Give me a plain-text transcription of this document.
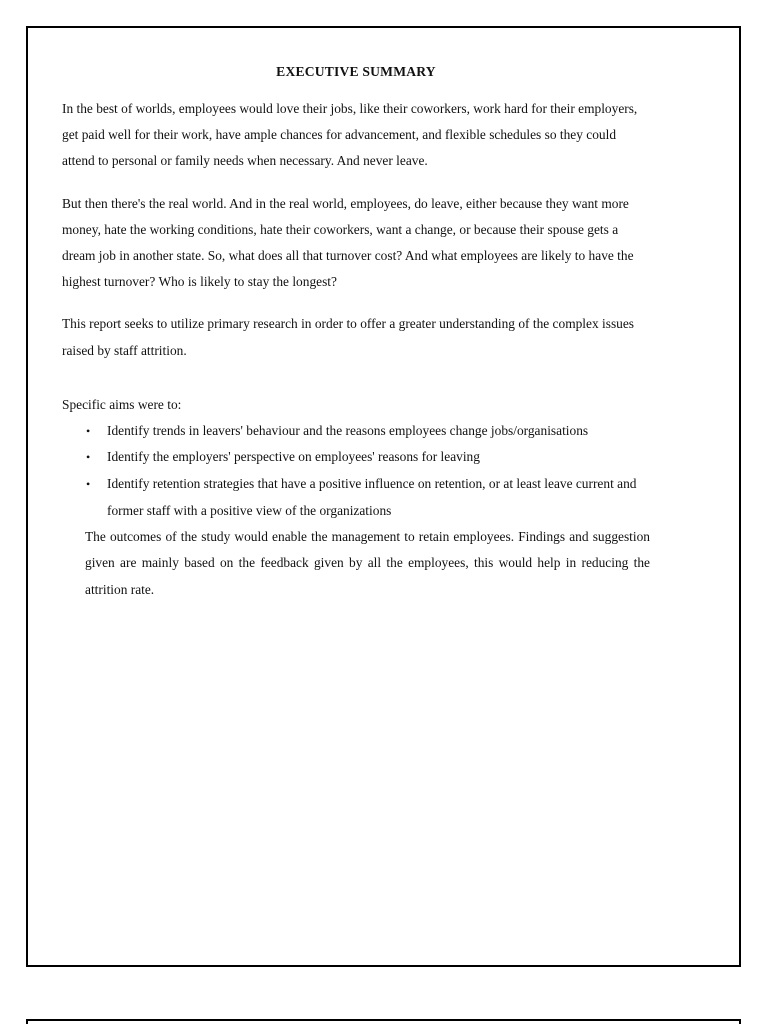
EXECUTIVE SUMMARY

In the best of worlds, employees would love their jobs, like their coworkers, work hard for their employers, get paid well for their work, have ample chances for advancement, and flexible schedules so they could attend to personal or family needs when necessary. And never leave.

But then there's the real world. And in the real world, employees, do leave, either because they want more money, hate the working conditions, hate their coworkers, want a change, or because their spouse gets a dream job in another state. So, what does all that turnover cost? And what employees are likely to have the highest turnover? Who is likely to stay the longest?

This report seeks to utilize primary research in order to offer a greater understanding of the complex issues raised by staff attrition.

Specific aims were to:

• Identify trends in leavers' behaviour and the reasons employees change jobs/organisations
• Identify the employers' perspective on employees' reasons for leaving
• Identify retention strategies that have a positive influence on retention, or at least leave current and former staff with a positive view of the organizations

The outcomes of the study would enable the management to retain employees. Findings and suggestion given are mainly based on the feedback given by all the employees, this would help in reducing the attrition rate.
